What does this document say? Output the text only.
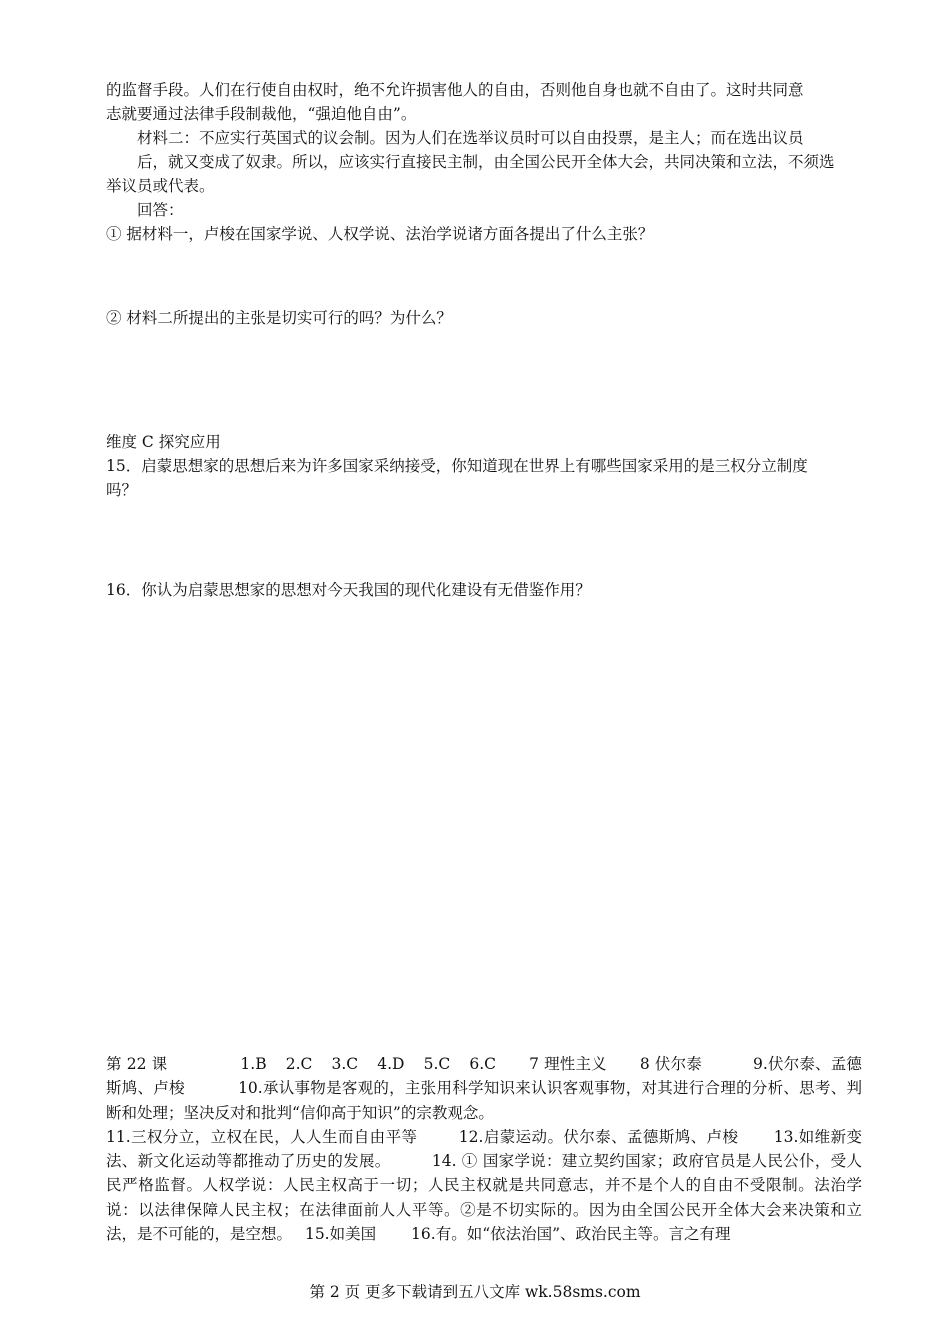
的监督手段。人们在行使自由权时，绝不允许损害他人的自由，否则他自身也就不自由了。这时共同意
志就要通过法律手段制裁他，“强迫他自由”。
材料二：不应实行英国式的议会制。因为人们在选举议员时可以自由投票，是主人；而在选出议员
后，就又变成了奴隶。所以，应该实行直接民主制，由全国公民开全体大会，共同决策和立法，不须选
举议员或代表。
回答：
① 据材料一，卢梭在国家学说、人权学说、法治学说诸方面各提出了什么主张？
② 材料二所提出的主张是切实可行的吗？为什么？
维度 C 探究应用
15．启蒙思想家的思想后来为许多国家采纳接受，你知道现在世界上有哪些国家采用的是三权分立制度
吗？
16．你认为启蒙思想家的思想对今天我国的现代化建设有无借鉴作用？
第 22 课	1.B 2.C 3.C 4.D 5.C 6.C 7 理性主义 8 伏尔泰	9.伏尔泰、孟德斯鸠、卢梭	10.承认事物是客观的，主张用科学知识来认识客观事物，对其进行合理的分析、思考、判断和处理；坚决反对和批判“信仰高于知识”的宗教观念。
11.三权分立，立权在民，人人生而自由平等	12.启蒙运动。伏尔泰、孟德斯鸠、卢梭 13.如维新变法、新文化运动等都推动了历史的发展。	14. ① 国家学说：建立契约国家；政府官员是人民公仆，受人民严格监督。人权学说：人民主权高于一切；人民主权就是共同意志，并不是个人的自由不受限制。法治学说：以法律保障人民主权；在法律面前人人平等。②是不切实际的。因为由全国公民开全体大会来决策和立法，是不可能的，是空想。 15.如美国 16.有。如“依法治国”、政治民主等。言之有理
第 2 页 更多下载请到五八文库 wk.58sms.com
